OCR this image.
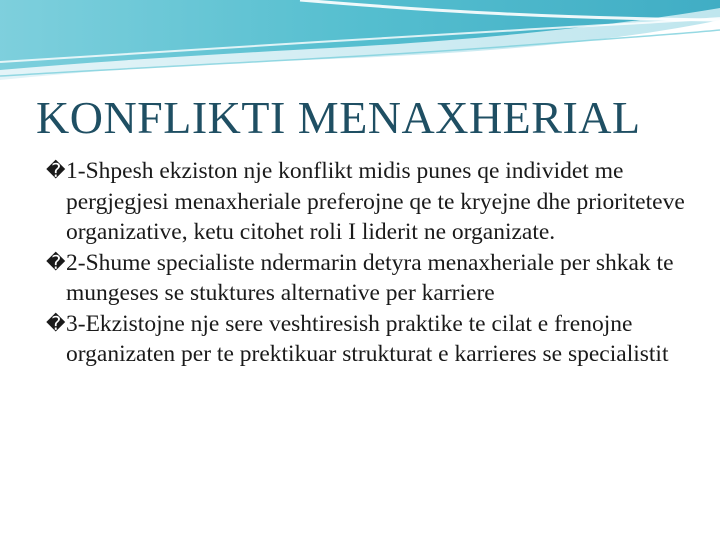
KONFLIKTI MENAXHERIAL
� 1-Shpesh ekziston nje konflikt midis punes qe individet me pergjegjesi menaxheriale preferojne qe te kryejne dhe prioriteteve organizative, ketu citohet roli I liderit ne organizate.
� 2-Shume specialiste ndermarin detyra menaxheriale per shkak te mungeses se stuktures alternative per karriere
� 3-Ekzistojne nje sere veshtiresish praktike te cilat e frenojne organizaten per te prektikuar strukturat e karrieres se specialistit
